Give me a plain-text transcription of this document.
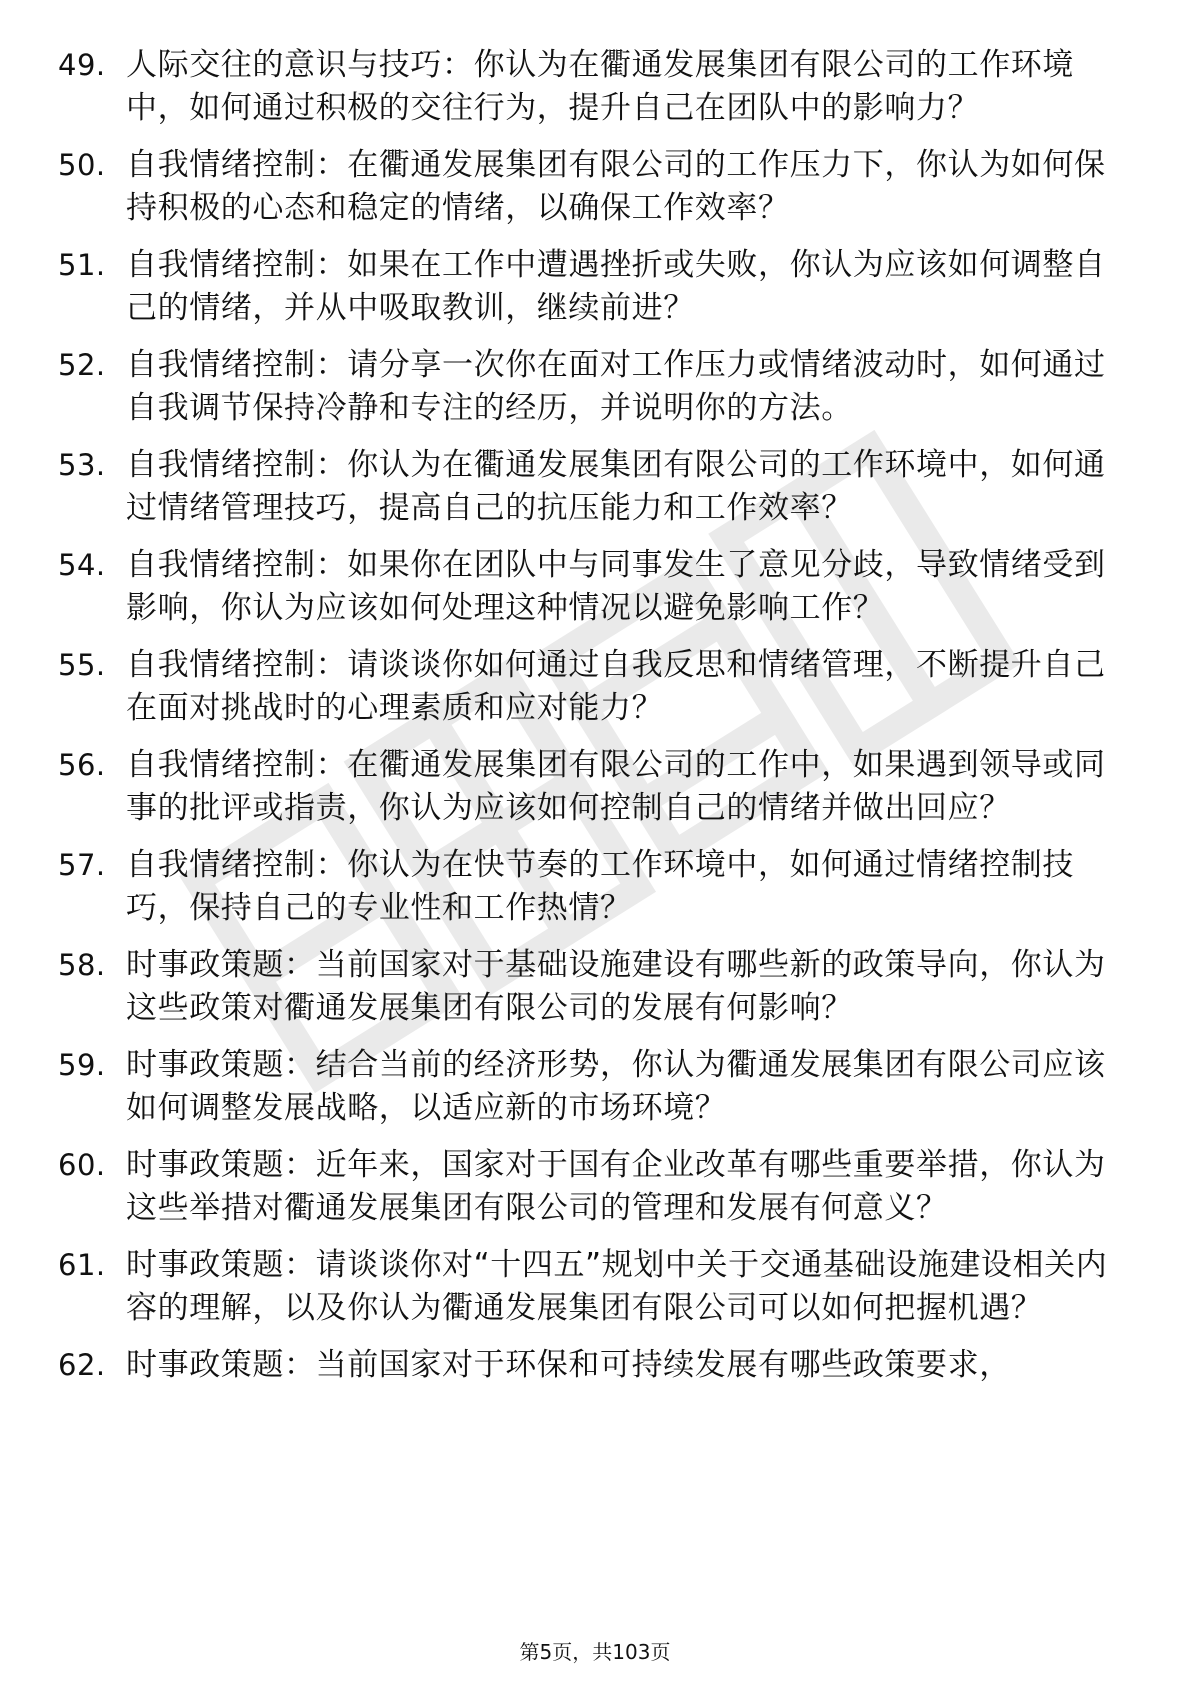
49. 人际交往的意识与技巧：你认为在衢通发展集团有限公司的工作环境中，如何通过积极的交往行为，提升自己在团队中的影响力？
50. 自我情绪控制：在衢通发展集团有限公司的工作压力下，你认为如何保持积极的心态和稳定的情绪，以确保工作效率？
51. 自我情绪控制：如果在工作中遭遇挫折或失败，你认为应该如何调整自己的情绪，并从中吸取教训，继续前进？
52. 自我情绪控制：请分享一次你在面对工作压力或情绪波动时，如何通过自我调节保持冷静和专注的经历，并说明你的方法。
53. 自我情绪控制：你认为在衢通发展集团有限公司的工作环境中，如何通过情绪管理技巧，提高自己的抗压能力和工作效率？
54. 自我情绪控制：如果你在团队中与同事发生了意见分歧，导致情绪受到影响，你认为应该如何处理这种情况以避免影响工作？
55. 自我情绪控制：请谈谈你如何通过自我反思和情绪管理，不断提升自己在面对挑战时的心理素质和应对能力？
56. 自我情绪控制：在衢通发展集团有限公司的工作中，如果遇到领导或同事的批评或指责，你认为应该如何控制自己的情绪并做出回应？
57. 自我情绪控制：你认为在快节奏的工作环境中，如何通过情绪控制技巧，保持自己的专业性和工作热情？
58. 时事政策题：当前国家对于基础设施建设有哪些新的政策导向，你认为这些政策对衢通发展集团有限公司的发展有何影响？
59. 时事政策题：结合当前的经济形势，你认为衢通发展集团有限公司应该如何调整发展战略，以适应新的市场环境？
60. 时事政策题：近年来，国家对于国有企业改革有哪些重要举措，你认为这些举措对衢通发展集团有限公司的管理和发展有何意义？
61. 时事政策题：请谈谈你对“十四五”规划中关于交通基础设施建设相关内容的理解，以及你认为衢通发展集团有限公司可以如何把握机遇？
62. 时事政策题：当前国家对于环保和可持续发展有哪些政策要求，
第5页，共103页
